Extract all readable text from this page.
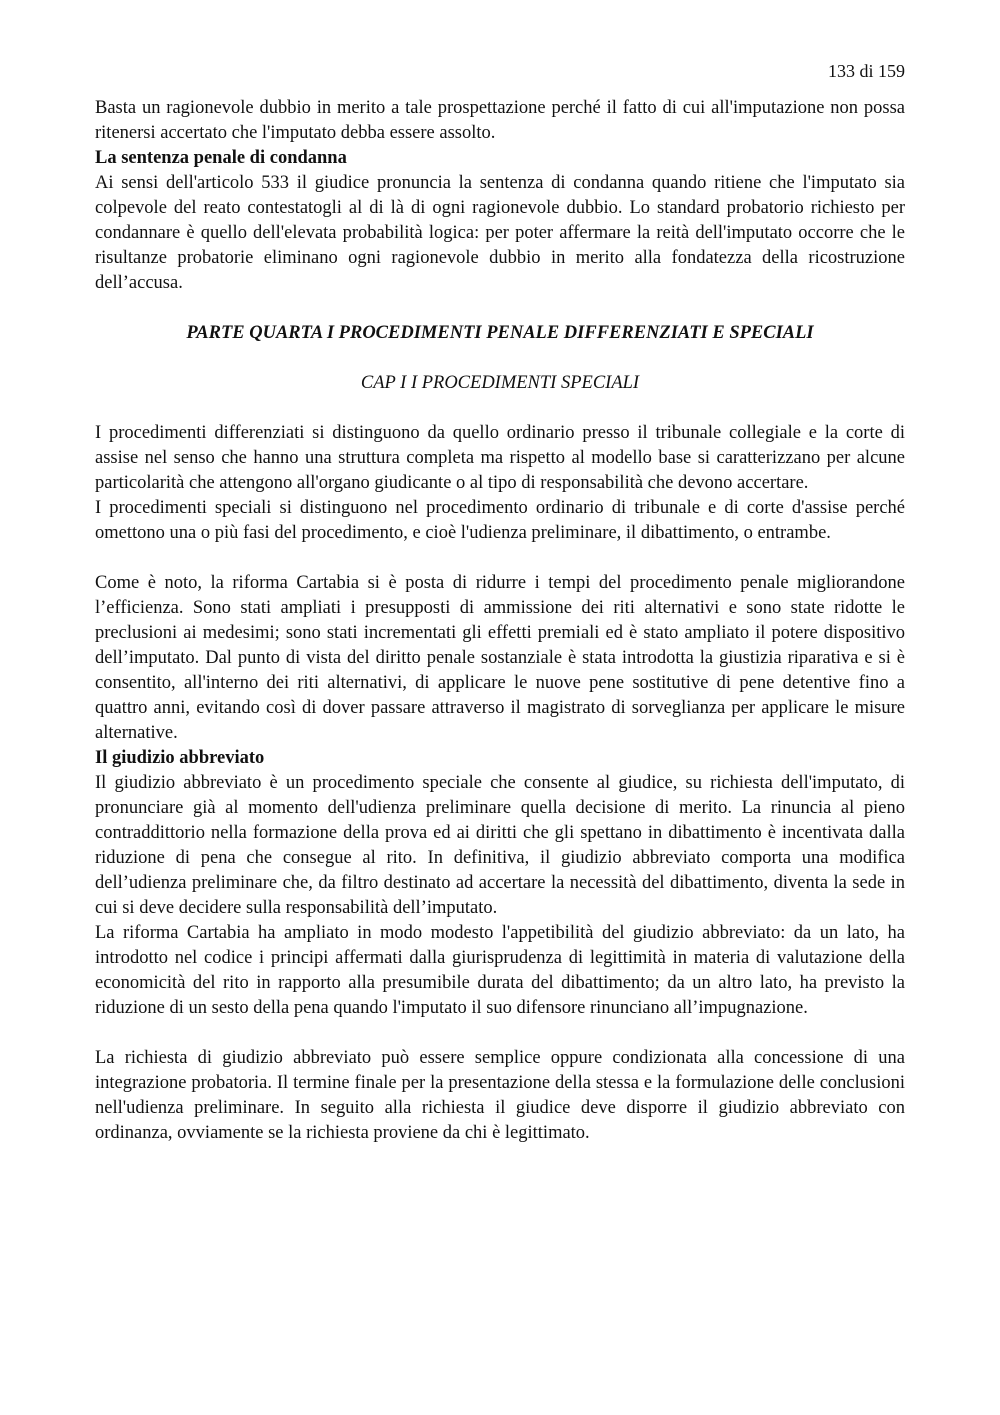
133 di 159

Basta un ragionevole dubbio in merito a tale prospettazione perché il fatto di cui all'imputazione non possa ritenersi accertato che l'imputato debba essere assolto.

La sentenza penale di condanna

Ai sensi dell'articolo 533 il giudice pronuncia la sentenza di condanna quando ritiene che l'imputato sia colpevole del reato contestatogli al di là di ogni ragionevole dubbio. Lo standard probatorio richiesto per condannare è quello dell'elevata probabilità logica: per poter affermare la reità dell'imputato occorre che le risultanze probatorie eliminano ogni ragionevole dubbio in merito alla fondatezza della ricostruzione dell’accusa.

PARTE QUARTA I PROCEDIMENTI PENALE DIFFERENZIATI E SPECIALI

CAP I I PROCEDIMENTI SPECIALI

I procedimenti differenziati si distinguono da quello ordinario presso il tribunale collegiale e la corte di assise nel senso che hanno una struttura completa ma rispetto al modello base si caratterizzano per alcune particolarità che attengono all'organo giudicante o al tipo di responsabilità che devono accertare.

I procedimenti speciali si distinguono nel procedimento ordinario di tribunale e di corte d'assise perché omettono una o più fasi del procedimento, e cioè l'udienza preliminare, il dibattimento, o entrambe.

Come è noto, la riforma Cartabia si è posta di ridurre i tempi del procedimento penale migliorandone l’efficienza. Sono stati ampliati i presupposti di ammissione dei riti alternativi e sono state ridotte le preclusioni ai medesimi; sono stati incrementati gli effetti premiali ed è stato ampliato il potere dispositivo dell’imputato. Dal punto di vista del diritto penale sostanziale è stata introdotta la giustizia riparativa e si è consentito, all'interno dei riti alternativi, di applicare le nuove pene sostitutive di pene detentive fino a quattro anni, evitando così di dover passare attraverso il magistrato di sorveglianza per applicare le misure alternative.

Il giudizio abbreviato

Il giudizio abbreviato è un procedimento speciale che consente al giudice, su richiesta dell'imputato, di pronunciare già al momento dell'udienza preliminare quella decisione di merito. La rinuncia al pieno contraddittorio nella formazione della prova ed ai diritti che gli spettano in dibattimento è incentivata dalla riduzione di pena che consegue al rito. In definitiva, il giudizio abbreviato comporta una modifica dell’udienza preliminare che, da filtro destinato ad accertare la necessità del dibattimento, diventa la sede in cui si deve decidere sulla responsabilità dell’imputato.

La riforma Cartabia ha ampliato in modo modesto l'appetibilità del giudizio abbreviato: da un lato, ha introdotto nel codice i principi affermati dalla giurisprudenza di legittimità in materia di valutazione della economicità del rito in rapporto alla presumibile durata del dibattimento; da un altro lato, ha previsto la riduzione di un sesto della pena quando l'imputato il suo difensore rinunciano all’impugnazione.

La richiesta di giudizio abbreviato può essere semplice oppure condizionata alla concessione di una integrazione probatoria. Il termine finale per la presentazione della stessa e la formulazione delle conclusioni nell'udienza preliminare. In seguito alla richiesta il giudice deve disporre il giudizio abbreviato con ordinanza, ovviamente se la richiesta proviene da chi è legittimato.
